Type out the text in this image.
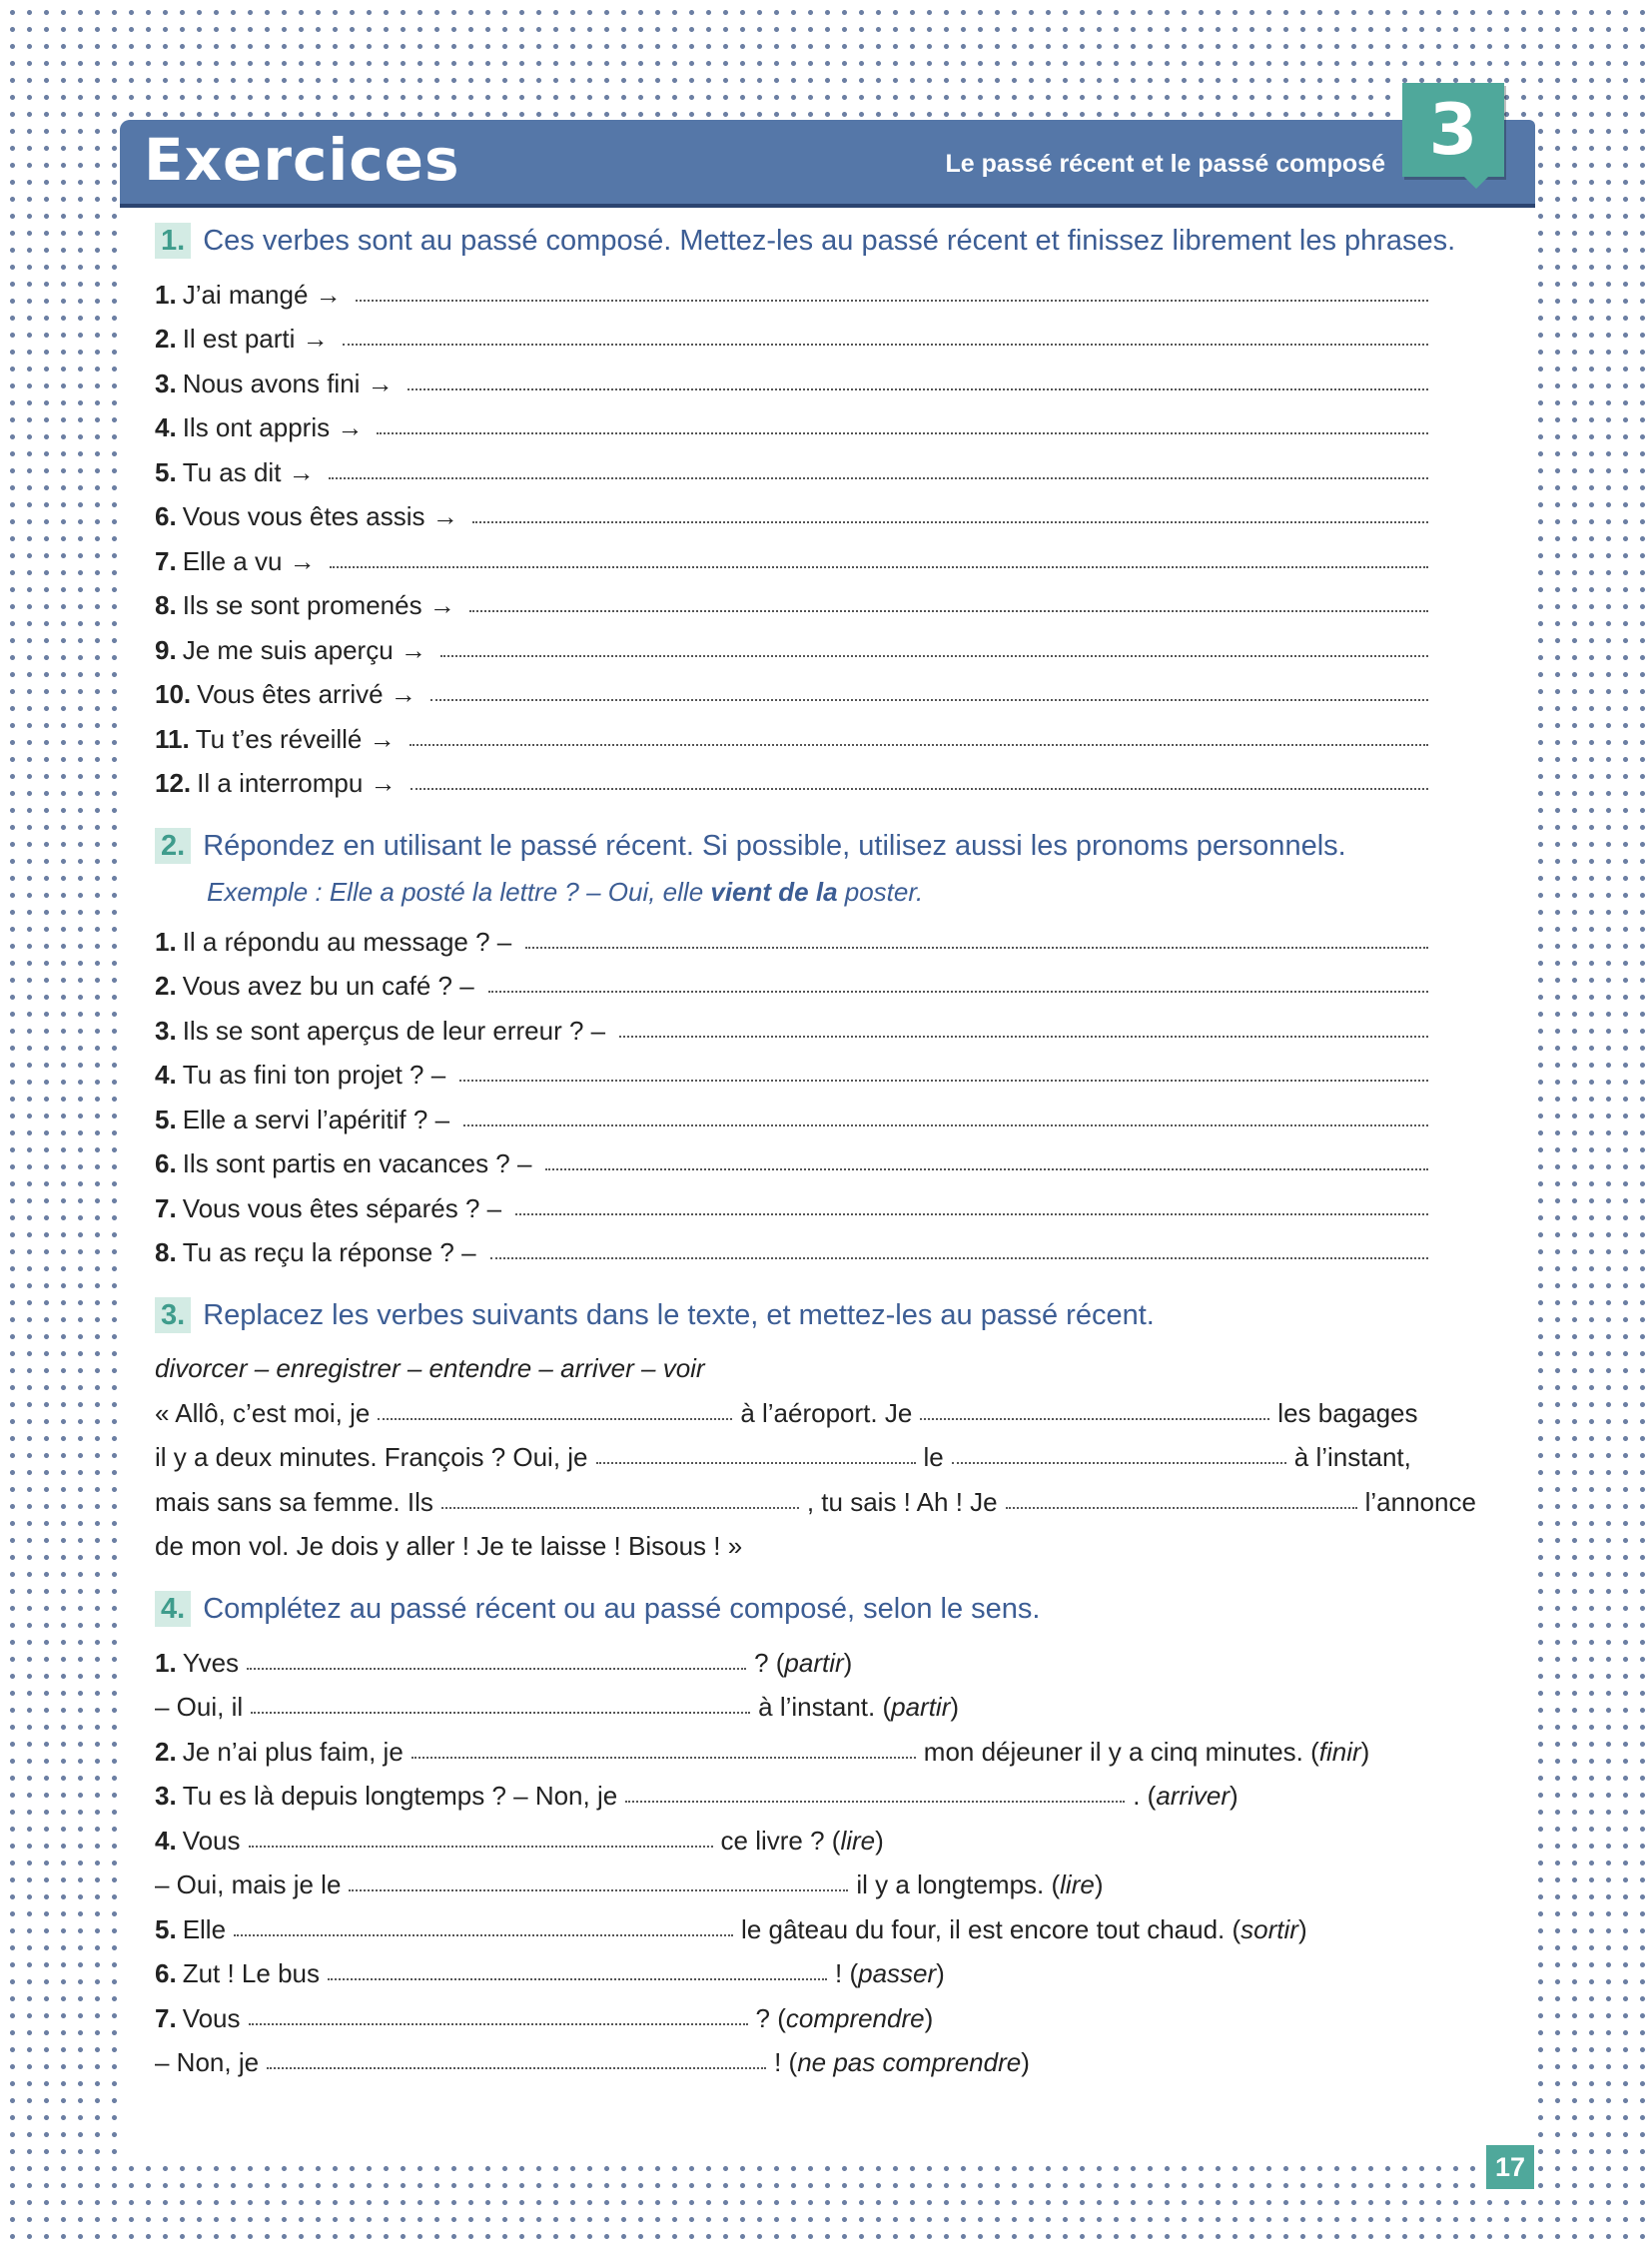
Exercices	Le passé récent et le passé composé 3
1. Ces verbes sont au passé composé. Mettez-les au passé récent et finissez librement les phrases.
1. J’ai mangé →
2. Il est parti →
3. Nous avons fini →
4. Ils ont appris →
5. Tu as dit →
6. Vous vous êtes assis →
7. Elle a vu →
8. Ils se sont promenés →
9. Je me suis aperçu →
10. Vous êtes arrivé →
11. Tu t’es réveillé →
12. Il a interrompu →
2. Répondez en utilisant le passé récent. Si possible, utilisez aussi les pronoms personnels.
Exemple : Elle a posté la lettre ? – Oui, elle vient de la poster.
1. Il a répondu au message ? –
2. Vous avez bu un café ? –
3. Ils se sont aperçus de leur erreur ? –
4. Tu as fini ton projet ? –
5. Elle a servi l’apéritif ? –
6. Ils sont partis en vacances ? –
7. Vous vous êtes séparés ? –
8. Tu as reçu la réponse ? –
3. Replacez les verbes suivants dans le texte, et mettez-les au passé récent.
divorcer – enregistrer – entendre – arriver – voir
« Allô, c’est moi, je	à l’aéroport. Je	les bagages
il y a deux minutes. François ? Oui, je	le	à l’instant,
mais sans sa femme. Ils	, tu sais ! Ah ! Je	l’annonce
de mon vol. Je dois y aller ! Je te laisse ! Bisous ! »
4. Complétez au passé récent ou au passé composé, selon le sens.
1. Yves	? ( partir )
– Oui, il	à l’instant. ( partir )
2. Je n’ai plus faim, je	mon déjeuner il y a cinq minutes. ( finir )
3. Tu es là depuis longtemps ? – Non, je	. ( arriver )
4. Vous	ce livre ? ( lire )
– Oui, mais je le	il y a longtemps. ( lire )
5. Elle	le gâteau du four, il est encore tout chaud. ( sortir )
6. Zut ! Le bus	! ( passer )
7. Vous	? ( comprendre )
– Non, je	! ( ne pas comprendre )
17
